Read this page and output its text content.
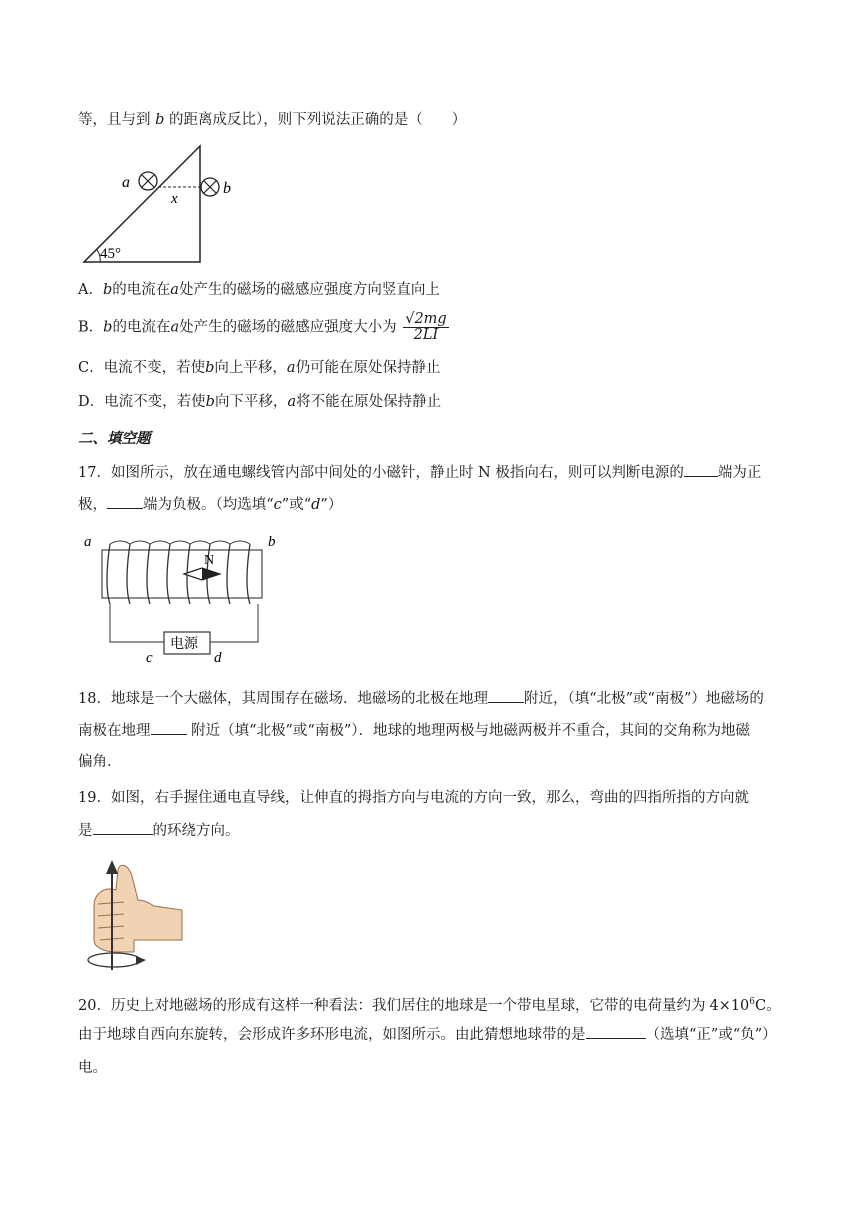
等，且与到 b 的距离成反比），则下列说法正确的是（　　）
45°
a
x
b
A．b的电流在a处产生的磁场的磁感应强度方向竖直向上
B．b的电流在a处产生的磁场的磁感应强度大小为 $\frac{√2mg}{2LI}$
C．电流不变，若使b向上平移，a仍可能在原处保持静止
D．电流不变，若使b向下平移，a将不能在原处保持静止
二、填空题
17．如图所示，放在通电螺线管内部中间处的小磁针，静止时 N 极指向右，则可以判断电源的 端为正
极， 端为负极。（均选填“c”或“d”）
a	b
N
电源
c	d
18．地球是一个大磁体，其周围存在磁场．地磁场的北极在地理 附近，（填“北极”或“南极”）地磁场的
南极在地理 附近（填“北极”或“南极”）．地球的地理两极与地磁两极并不重合，其间的交角称为地磁
偏角．
19．如图，右手握住通电直导线，让伸直的拇指方向与电流的方向一致，那么，弯曲的四指所指的方向就
是	的环绕方向。
20．历史上对地磁场的形成有这样一种看法：我们居住的地球是一个带电星球，它带的电荷量约为 $4\times 10^6C$。
由于地球自西向东旋转，会形成许多环形电流，如图所示。由此猜想地球带的是	（选填“正”或“负”）
电。
